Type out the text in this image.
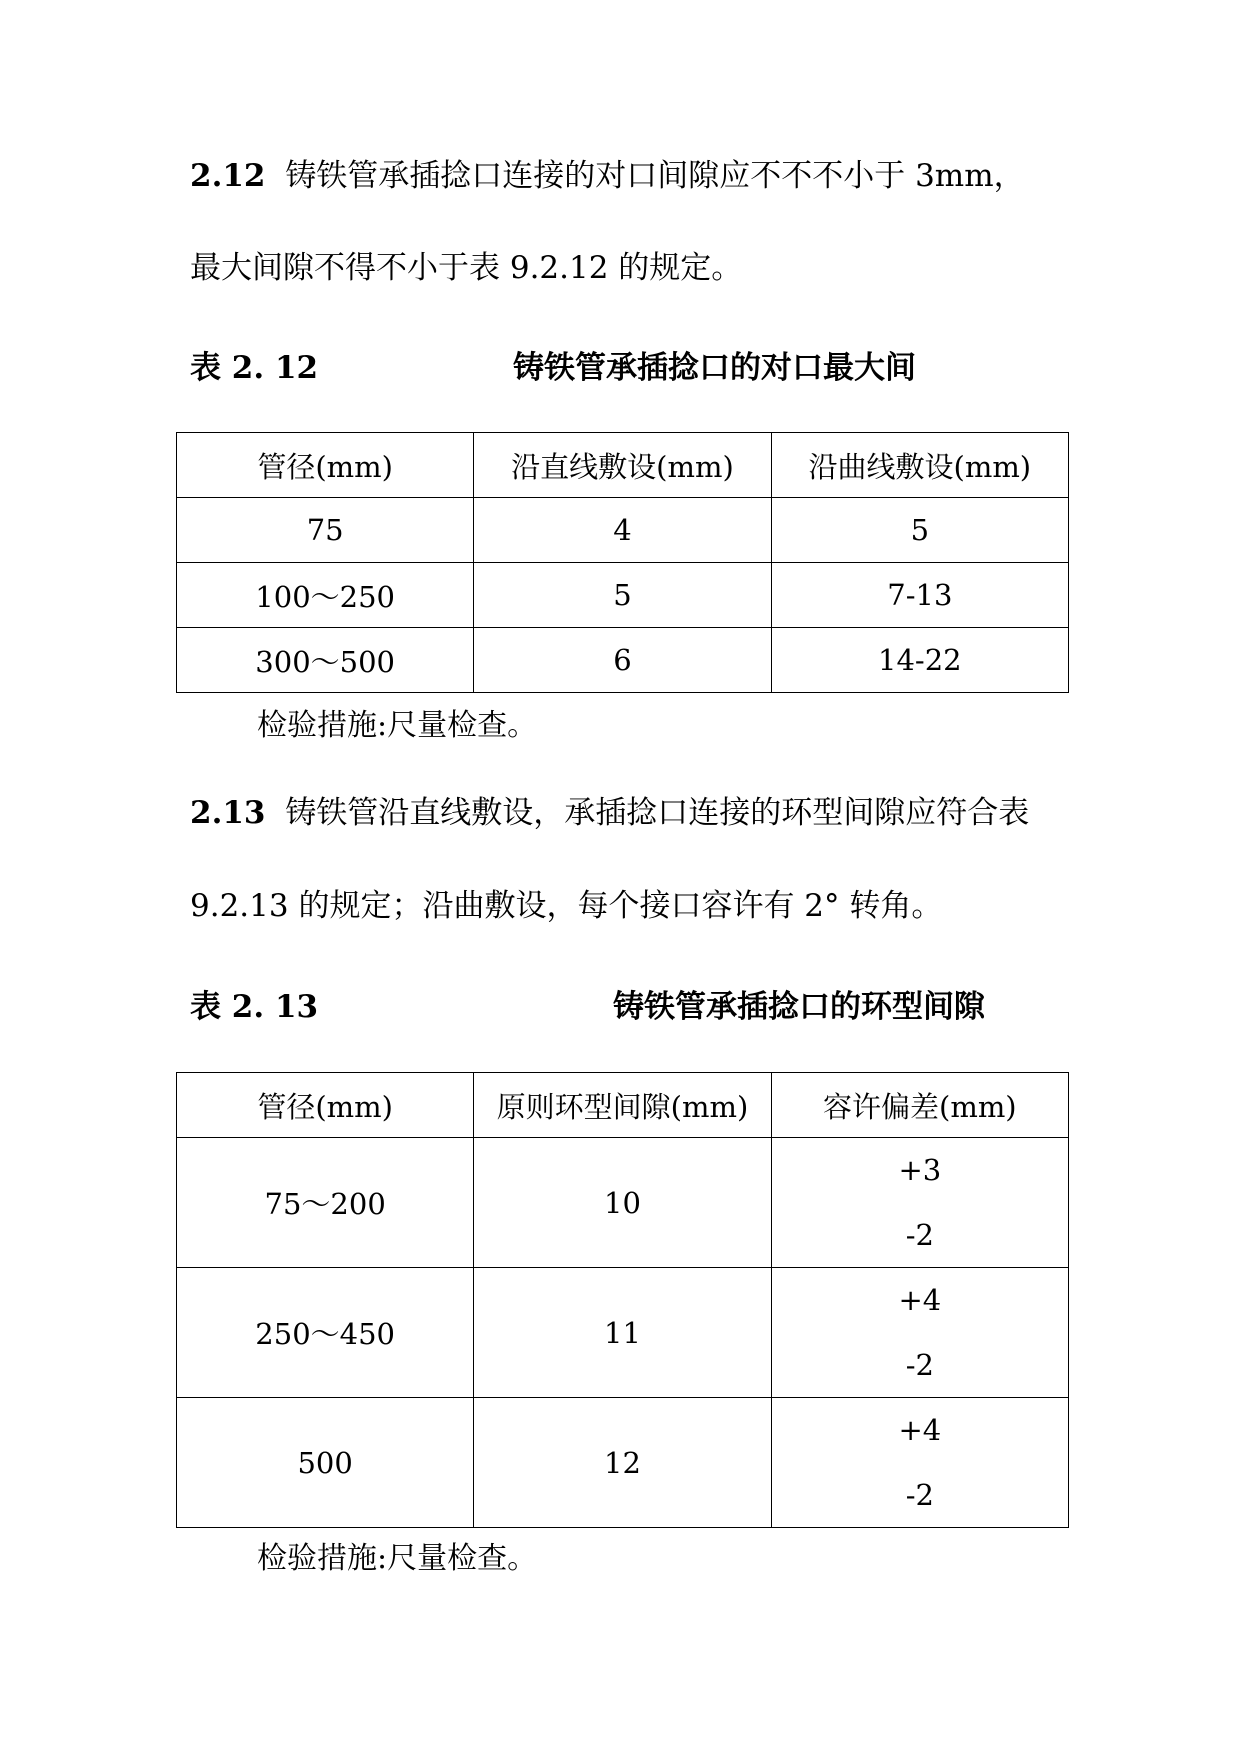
2.12 铸铁管承插捻口连接的对口间隙应不不不小于 3mm，
最大间隙不得不小于表 9.2.12 的规定。
表 2. 12	铸铁管承插捻口的对口最大间
管径(mm)	沿直线敷设(mm)	沿曲线敷设(mm)
75	4	5
100～250	5	7-13
300～500	6	14-22
检验措施:尺量检查。
2.13 铸铁管沿直线敷设，承插捻口连接的环型间隙应符合表
9.2.13 的规定；沿曲敷设，每个接口容许有 2° 转角。
表 2. 13	铸铁管承插捻口的环型间隙
管径(mm)	原则环型间隙(mm)	容许偏差(mm)
75～200	10	+3
-2

250～450	11	+4
-2

500	12	+4
-2
检验措施:尺量检查。
